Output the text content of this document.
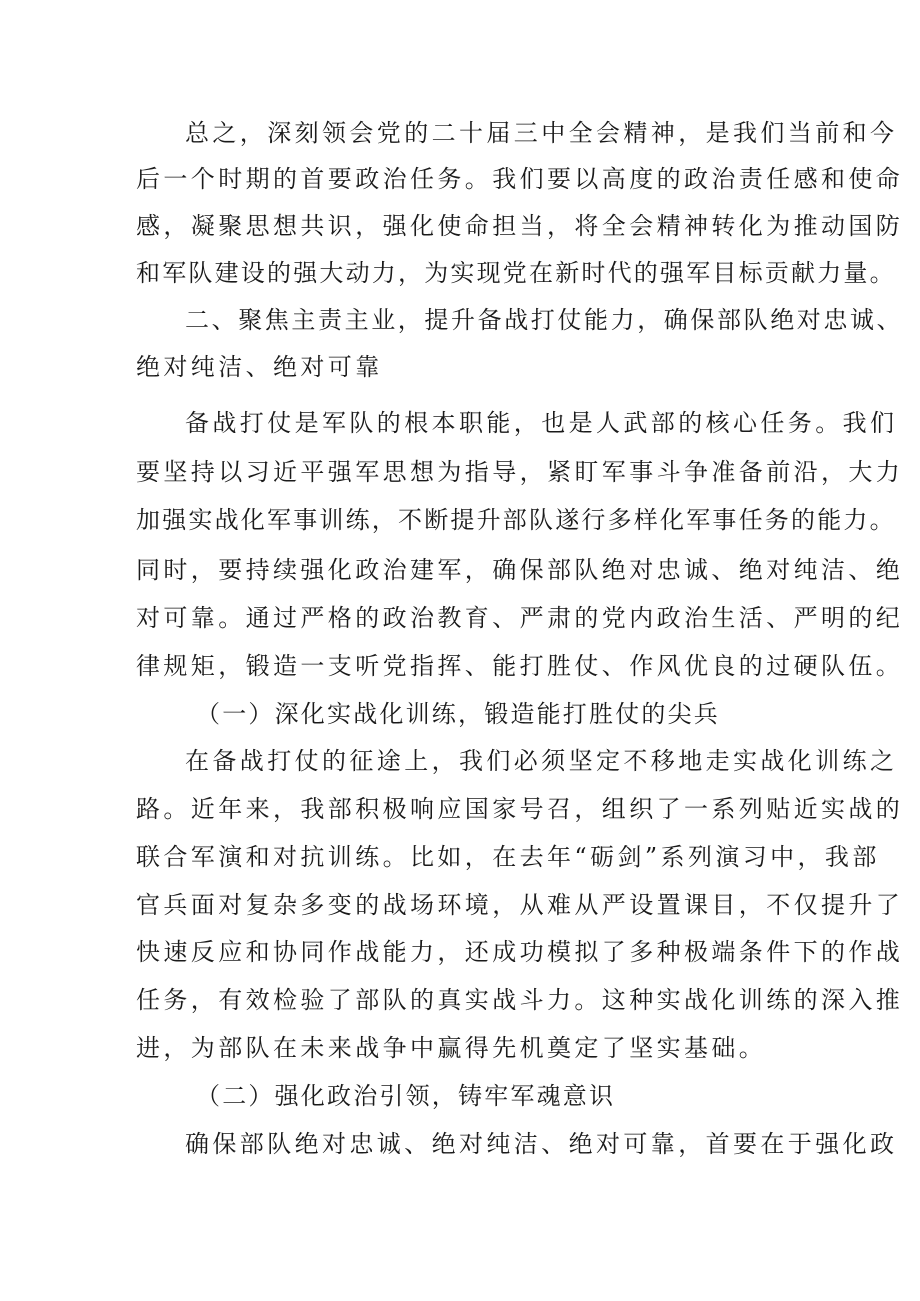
总之，深刻领会党的二十届三中全会精神，是我们当前和今
后一个时期的首要政治任务。我们要以高度的政治责任感和使命
感，凝聚思想共识，强化使命担当，将全会精神转化为推动国防
和军队建设的强大动力，为实现党在新时代的强军目标贡献力量。
二、聚焦主责主业，提升备战打仗能力，确保部队绝对忠诚、
绝对纯洁、绝对可靠
备战打仗是军队的根本职能，也是人武部的核心任务。我们
要坚持以习近平强军思想为指导，紧盯军事斗争准备前沿，大力
加强实战化军事训练，不断提升部队遂行多样化军事任务的能力。
同时，要持续强化政治建军，确保部队绝对忠诚、绝对纯洁、绝
对可靠。通过严格的政治教育、严肃的党内政治生活、严明的纪
律规矩，锻造一支听党指挥、能打胜仗、作风优良的过硬队伍。
（一）深化实战化训练，锻造能打胜仗的尖兵
在备战打仗的征途上，我们必须坚定不移地走实战化训练之
路。近年来，我部积极响应国家号召，组织了一系列贴近实战的
联合军演和对抗训练。比如，在去年“砺剑”系列演习中，我部
官兵面对复杂多变的战场环境，从难从严设置课目，不仅提升了
快速反应和协同作战能力，还成功模拟了多种极端条件下的作战
任务，有效检验了部队的真实战斗力。这种实战化训练的深入推
进，为部队在未来战争中赢得先机奠定了坚实基础。
（二）强化政治引领，铸牢军魂意识
确保部队绝对忠诚、绝对纯洁、绝对可靠，首要在于强化政
